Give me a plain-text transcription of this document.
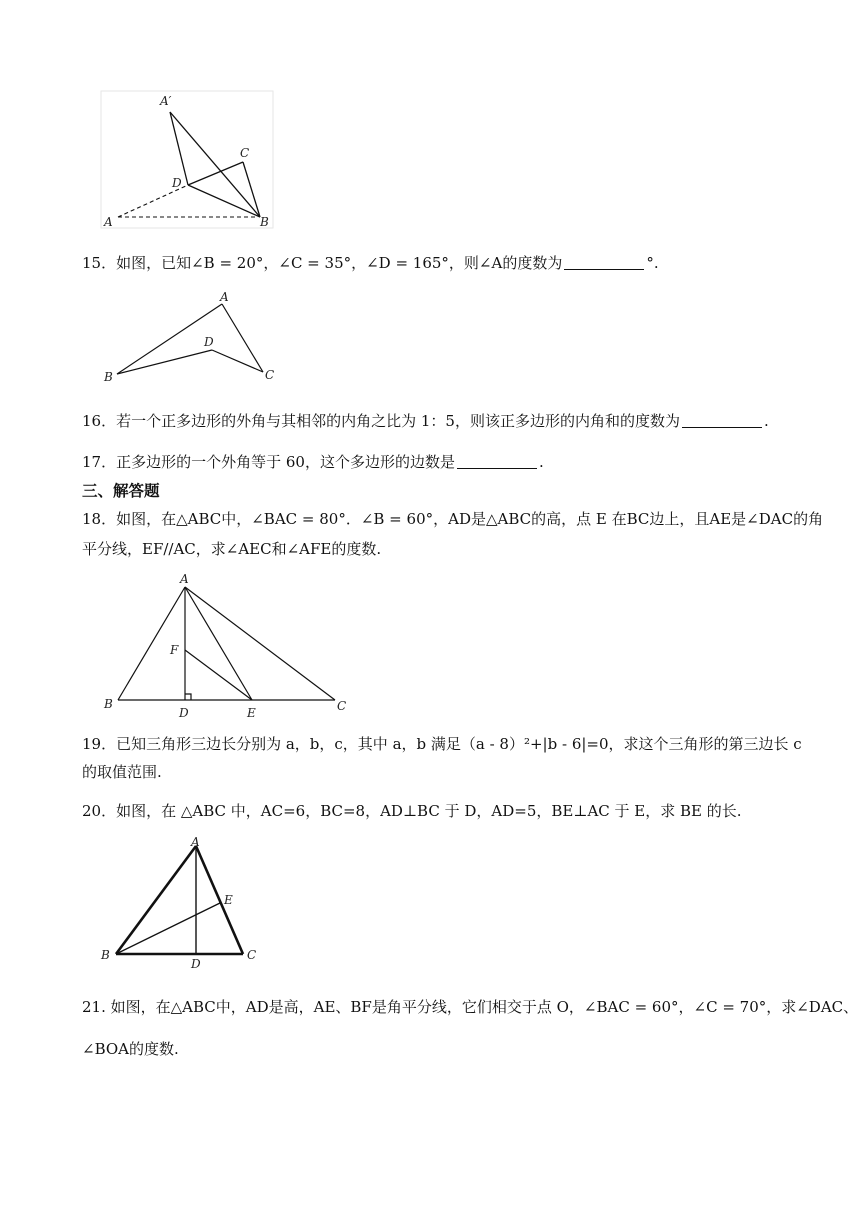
A′
C
D
A	B
15．如图，已知∠B = 20°，∠C = 35°，∠D = 165°，则∠A的度数为	°.
A
D
B	C
16．若一个正多边形的外角与其相邻的内角之比为 1：5，则该正多边形的内角和的度数为	.
17．正多边形的一个外角等于 60，这个多边形的边数是	.
三、解答题
18．如图，在△ABC中，∠BAC = 80°．∠B = 60°，AD是△ABC的高，点 E 在BC边上，且AE是∠DAC的角
平分线，EF//AC，求∠AEC和∠AFE的度数.
A
F
B
D	E	C
19．已知三角形三边长分别为 a，b，c，其中 a，b 满足（a - 8）²+|b - 6|=0，求这个三角形的第三边长 c
的取值范围.
20．如图，在 △ABC 中，AC=6，BC=8，AD⊥BC 于 D，AD=5，BE⊥AC 于 E，求 BE 的长.
A
E
B
D
C
21. 如图，在△ABC中，AD是高，AE、BF是角平分线，它们相交于点 O，∠BAC = 60°，∠C = 70°，求∠DAC、
∠BOA的度数.
